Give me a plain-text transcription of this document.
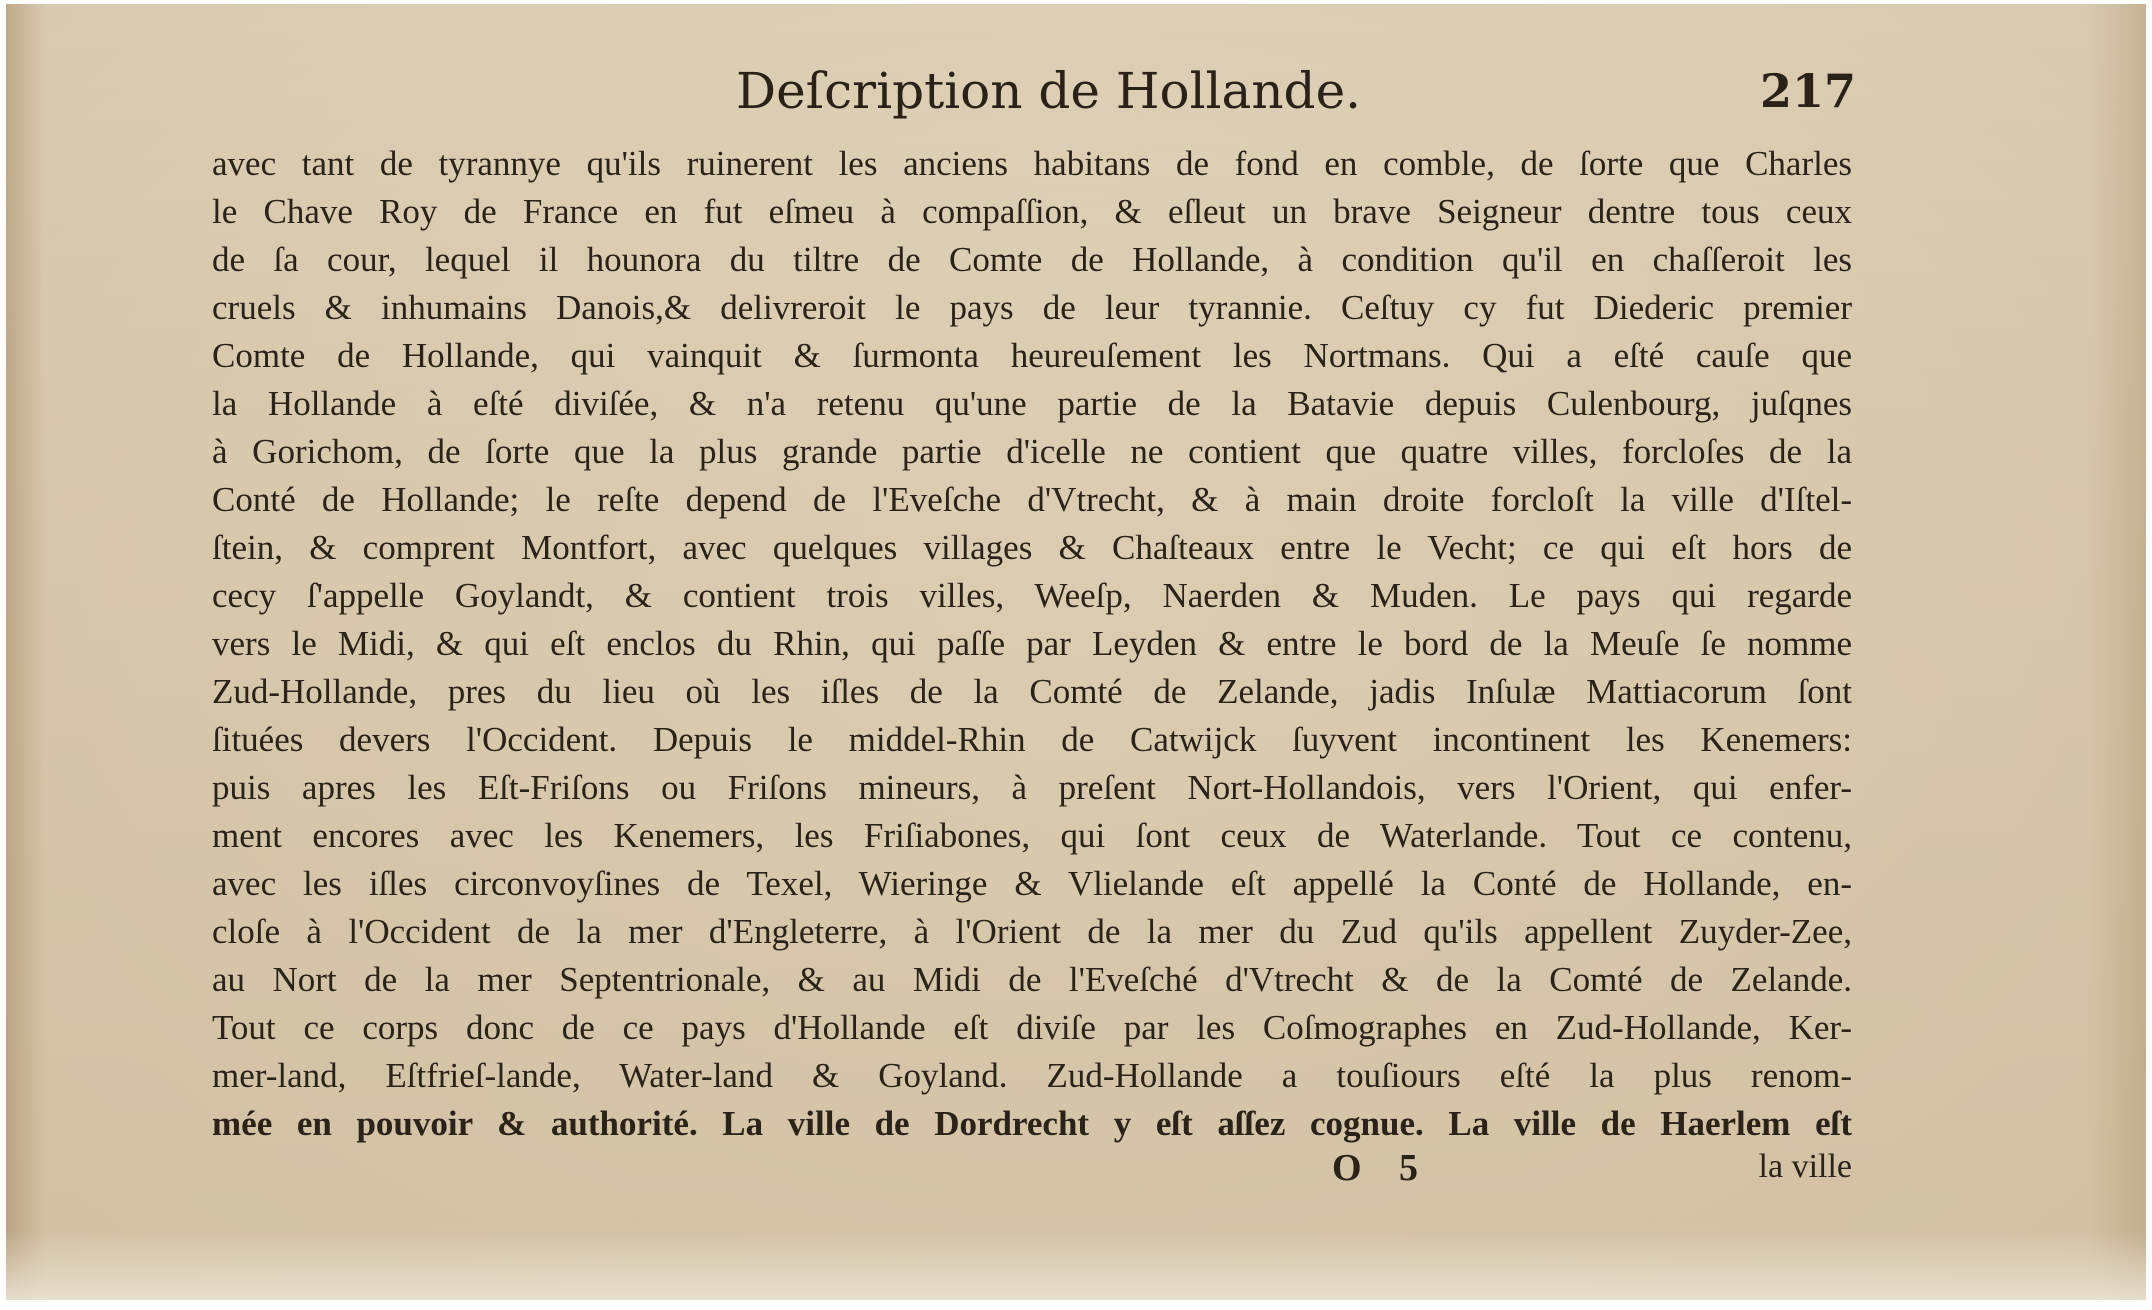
Deſcription de Hollande.	217
avec tant de tyrannye qu'ils ruinerent les anciens habitans de fond en comble, de ſorte que Charles
le Chave Roy de France en fut eſmeu à compaſſion, & eſleut un brave Seigneur dentre tous ceux
de ſa cour, lequel il hounora du tiltre de Comte de Hollande, à condition qu'il en chaſſeroit les
cruels & inhumains Danois,& delivreroit le pays de leur tyrannie. Ceſtuy cy fut Diederic premier
Comte de Hollande, qui vainquit & ſurmonta heureuſement les Nortmans. Qui a eſté cauſe que
la Hollande à eſté diviſée, & n'a retenu qu'une partie de la Batavie depuis Culenbourg, juſqnes
à Gorichom, de ſorte que la plus grande partie d'icelle ne contient que quatre villes, forcloſes de la
Conté de Hollande; le reſte depend de l'Eveſche d'Vtrecht, & à main droite forcloſt la ville d'Iſtel-
ſtein, & comprent Montfort, avec quelques villages & Chaſteaux entre le Vecht; ce qui eſt hors de
cecy ſ'appelle Goylandt, & contient trois villes, Weeſp, Naerden & Muden. Le pays qui regarde
vers le Midi, & qui eſt enclos du Rhin, qui paſſe par Leyden & entre le bord de la Meuſe ſe nomme
Zud-Hollande, pres du lieu où les iſles de la Comté de Zelande, jadis Inſulæ Mattiacorum ſont
ſituées devers l'Occident. Depuis le middel-Rhin de Catwijck ſuyvent incontinent les Kenemers:
puis apres les Eſt-Friſons ou Friſons mineurs, à preſent Nort-Hollandois, vers l'Orient, qui enfer-
ment encores avec les Kenemers, les Friſiabones, qui ſont ceux de Waterlande. Tout ce contenu,
avec les iſles circonvoyſines de Texel, Wieringe & Vlielande eſt appellé la Conté de Hollande, en-
cloſe à l'Occident de la mer d'Engleterre, à l'Orient de la mer du Zud qu'ils appellent Zuyder-Zee,
au Nort de la mer Septentrionale, & au Midi de l'Eveſché d'Vtrecht & de la Comté de Zelande.
Tout ce corps donc de ce pays d'Hollande eſt diviſe par les Coſmographes en Zud-Hollande, Ker-
mer-land, Eſtfrieſ-lande, Water-land & Goyland. Zud-Hollande a touſiours eſté la plus renom-
mée en pouvoir & authorité. La ville de Dordrecht y eſt aſſez cognue. La ville de Haerlem eſt
O 5	la ville
